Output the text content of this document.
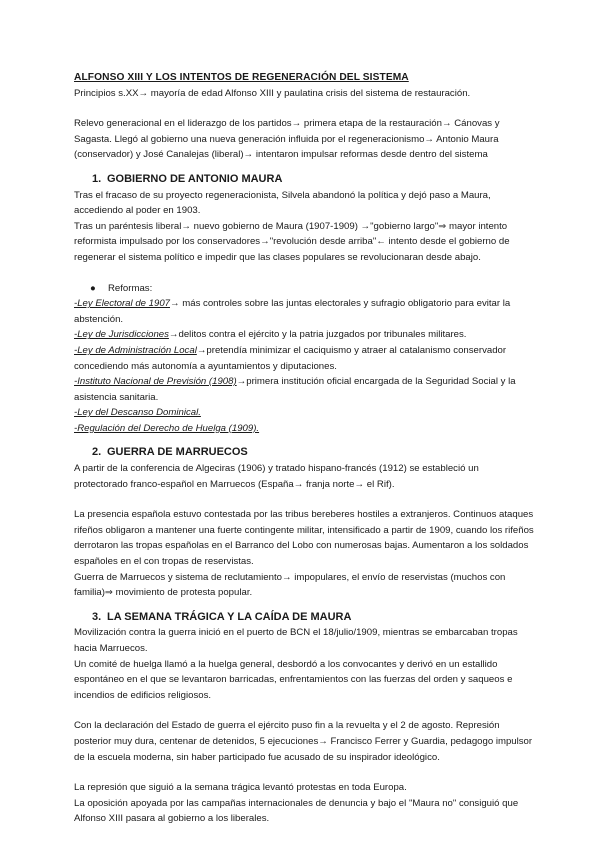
ALFONSO XIII Y LOS INTENTOS DE REGENERACIÓN DEL SISTEMA

Principios s.XX→ mayoría de edad Alfonso XIII y paulatina crisis del sistema de restauración.

Relevo generacional en el liderazgo de los partidos→ primera etapa de la restauración→ Cánovas y Sagasta. Llegó al gobierno una nueva generación influida por el regeneracionismo→ Antonio Maura (conservador) y José Canalejas (liberal)→ intentaron impulsar reformas desde dentro del sistema

1. GOBIERNO DE ANTONIO MAURA

Tras el fracaso de su proyecto regeneracionista, Silvela abandonó la política y dejó paso a Maura, accediendo al poder en 1903.

Tras un paréntesis liberal→ nuevo gobierno de Maura (1907-1909) →"gobierno largo"⇒ mayor intento reformista impulsado por los conservadores→"revolución desde arriba"← intento desde el gobierno de regenerar el sistema político e impedir que las clases populares se revolucionaran desde abajo.

● Reformas:

-Ley Electoral de 1907→ más controles sobre las juntas electorales y sufragio obligatorio para evitar la abstención.

-Ley de Jurisdicciones→delitos contra el ejército y la patria juzgados por tribunales militares.

-Ley de Administración Local→pretendía minimizar el caciquismo y atraer al catalanismo conservador concediendo más autonomía a ayuntamientos y diputaciones.

-Instituto Nacional de Previsión (1908)→primera institución oficial encargada de la Seguridad Social y la asistencia sanitaria.

-Ley del Descanso Dominical.

-Regulación del Derecho de Huelga (1909).

2. GUERRA DE MARRUECOS

A partir de la conferencia de Algeciras (1906) y tratado hispano-francés (1912) se estableció un protectorado franco-español en Marruecos (España→ franja norte→ el Rif).

La presencia española estuvo contestada por las tribus bereberes hostiles a extranjeros. Continuos ataques rifeños obligaron a mantener una fuerte contingente militar, intensificado a partir de 1909, cuando los rifeños derrotaron las tropas españolas en el Barranco del Lobo con numerosas bajas. Aumentaron a los soldados españoles en el con tropas de reservistas.

Guerra de Marruecos y sistema de reclutamiento→ impopulares, el envío de reservistas (muchos con familia)⇒ movimiento de protesta popular.

3. LA SEMANA TRÁGICA Y LA CAÍDA DE MAURA

Movilización contra la guerra inició en el puerto de BCN el 18/julio/1909, mientras se embarcaban tropas hacia Marruecos.

Un comité de huelga llamó a la huelga general, desbordó a los convocantes y derivó en un estallido espontáneo en el que se levantaron barricadas, enfrentamientos con las fuerzas del orden y saqueos e incendios de edificios religiosos.

Con la declaración del Estado de guerra el ejército puso fin a la revuelta y el 2 de agosto. Represión posterior muy dura, centenar de detenidos, 5 ejecuciones→ Francisco Ferrer y Guardia, pedagogo impulsor de la escuela moderna, sin haber participado fue acusado de su inspirador ideológico.

La represión que siguió a la semana trágica levantó protestas en toda Europa.

La oposición apoyada por las campañas internacionales de denuncia y bajo el "Maura no" consiguió que Alfonso XIII pasara al gobierno a los liberales.
